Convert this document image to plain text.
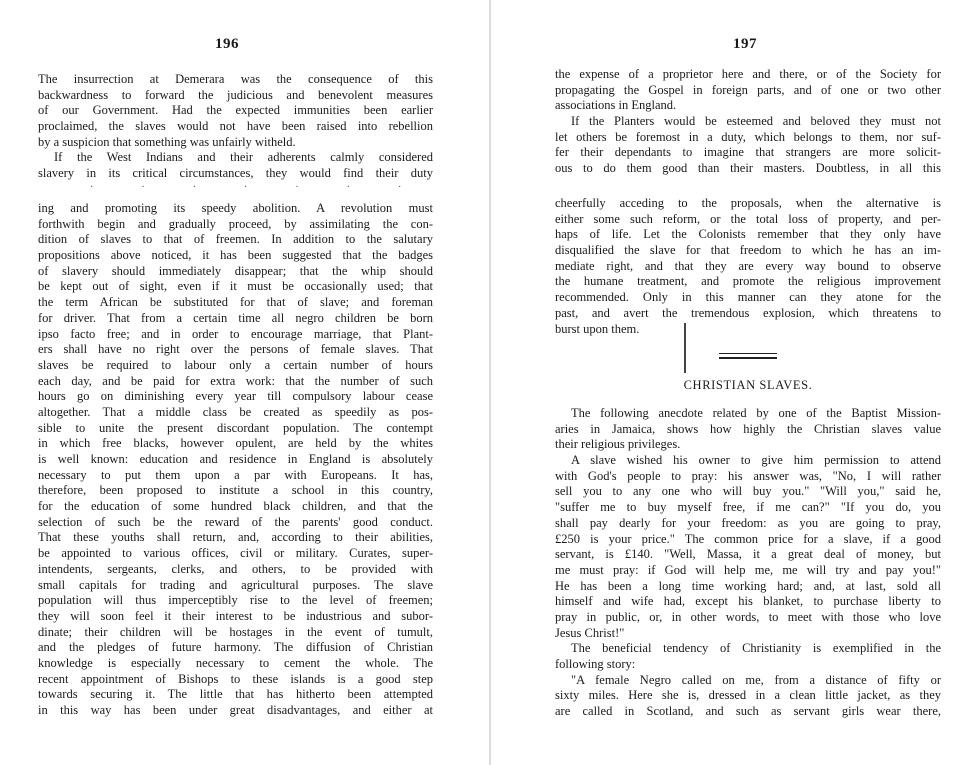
196
The insurrection at Demerara was the consequence of this
backwardness to forward the judicious and benevolent measures
of our Government. Had the expected immunities been earlier
proclaimed, the slaves would not have been raised into rebellion
by a suspicion that something was unfairly witheld.
If the West Indians and their adherents calmly considered
slavery in its critical circumstances, they would find their duty
·······
ing and promoting its speedy abolition. A revolution must
forthwith begin and gradually proceed, by assimilating the con-
dition of slaves to that of freemen. In addition to the salutary
propositions above noticed, it has been suggested that the badges
of slavery should immediately disappear; that the whip should
be kept out of sight, even if it must be occasionally used; that
the term African be substituted for that of slave; and foreman
for driver. That from a certain time all negro children be born
ipso facto free; and in order to encourage marriage, that Plant-
ers shall have no right over the persons of female slaves. That
slaves be required to labour only a certain number of hours
each day, and be paid for extra work: that the number of such
hours go on diminishing every year till compulsory labour cease
altogether. That a middle class be created as speedily as pos-
sible to unite the present discordant population. The contempt
in which free blacks, however opulent, are held by the whites
is well known: education and residence in England is absolutely
necessary to put them upon a par with Europeans. It has,
therefore, been proposed to institute a school in this country,
for the education of some hundred black children, and that the
selection of such be the reward of the parents' good conduct.
That these youths shall return, and, according to their abilities,
be appointed to various offices, civil or military. Curates, super-
intendents, sergeants, clerks, and others, to be provided with
small capitals for trading and agricultural purposes. The slave
population will thus imperceptibly rise to the level of freemen;
they will soon feel it their interest to be industrious and subor-
dinate; their children will be hostages in the event of tumult,
and the pledges of future harmony. The diffusion of Christian
knowledge is especially necessary to cement the whole. The
recent appointment of Bishops to these islands is a good step
towards securing it. The little that has hitherto been attempted
in this way has been under great disadvantages, and either at
197
the expense of a proprietor here and there, or of the Society for
propagating the Gospel in foreign parts, and of one or two other
associations in England.
If the Planters would be esteemed and beloved they must not
let others be foremost in a duty, which belongs to them, nor suf-
fer their dependants to imagine that strangers are more solicit-
ous to do them good than their masters. Doubtless, in all this
cheerfully acceding to the proposals, when the alternative is
either some such reform, or the total loss of property, and per-
haps of life. Let the Colonists remember that they only have
disqualified the slave for that freedom to which he has an im-
mediate right, and that they are every way bound to observe
the humane treatment, and promote the religious improvement
recommended. Only in this manner can they atone for the
past, and avert the tremendous explosion, which threatens to
burst upon them.
CHRISTIAN SLAVES.
The following anecdote related by one of the Baptist Mission-
aries in Jamaica, shows how highly the Christian slaves value
their religious privileges.
A slave wished his owner to give him permission to attend
with God's people to pray: his answer was, "No, I will rather
sell you to any one who will buy you." "Will you," said he,
"suffer me to buy myself free, if me can?" "If you do, you
shall pay dearly for your freedom: as you are going to pray,
£250 is your price." The common price for a slave, if a good
servant, is £140. "Well, Massa, it a great deal of money, but
me must pray: if God will help me, me will try and pay you!"
He has been a long time working hard; and, at last, sold all
himself and wife had, except his blanket, to purchase liberty to
pray in public, or, in other words, to meet with those who love
Jesus Christ!"
The beneficial tendency of Christianity is exemplified in the
following story:
"A female Negro called on me, from a distance of fifty or
sixty miles. Here she is, dressed in a clean little jacket, as they
are called in Scotland, and such as servant girls wear there,
